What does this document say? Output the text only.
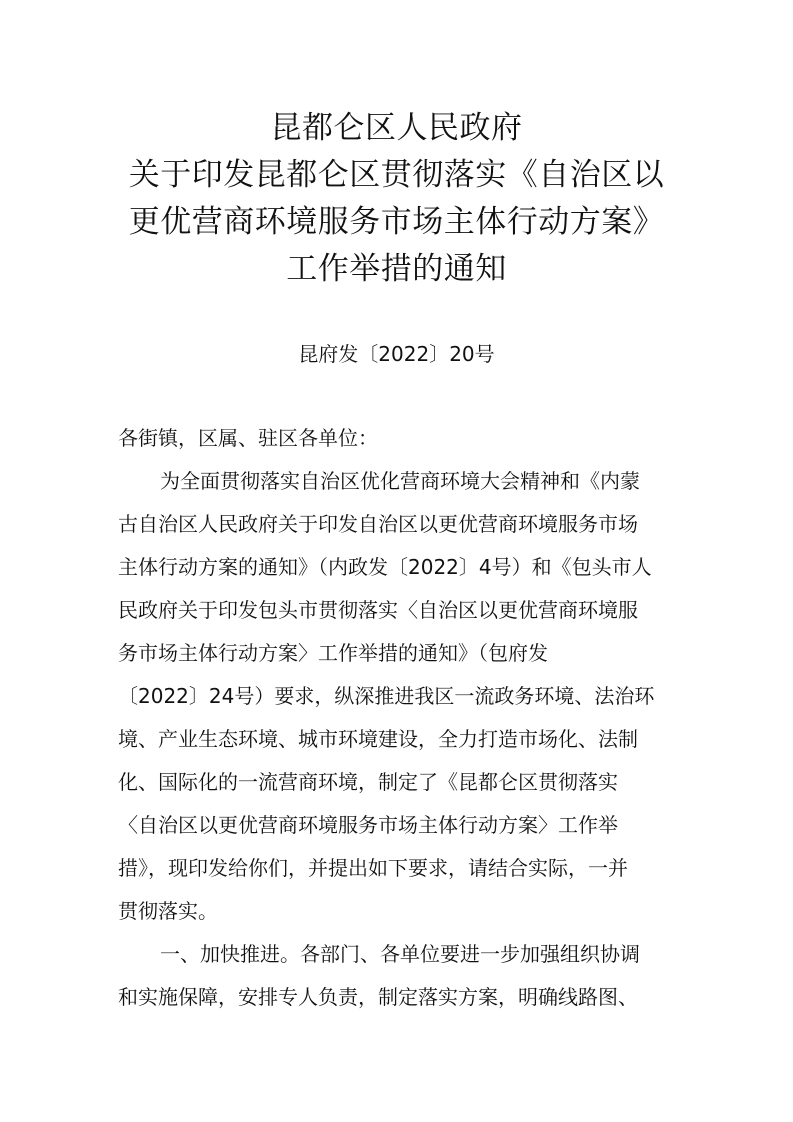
昆都仑区人民政府
关于印发昆都仑区贯彻落实《自治区以
更优营商环境服务市场主体行动方案》
工作举措的通知
昆府发〔2022〕20号
各街镇，区属、驻区各单位：
为全面贯彻落实自治区优化营商环境大会精神和《内蒙
古自治区人民政府关于印发自治区以更优营商环境服务市场
主体行动方案的通知》（内政发〔2022〕4号）和《包头市人
民政府关于印发包头市贯彻落实〈自治区以更优营商环境服
务市场主体行动方案〉工作举措的通知》（包府发
〔2022〕24号）要求，纵深推进我区一流政务环境、法治环
境、产业生态环境、城市环境建设，全力打造市场化、法制
化、国际化的一流营商环境，制定了《昆都仑区贯彻落实
〈自治区以更优营商环境服务市场主体行动方案〉工作举
措》，现印发给你们，并提出如下要求，请结合实际，一并
贯彻落实。
一、加快推进。各部门、各单位要进一步加强组织协调
和实施保障，安排专人负责，制定落实方案，明确线路图、
